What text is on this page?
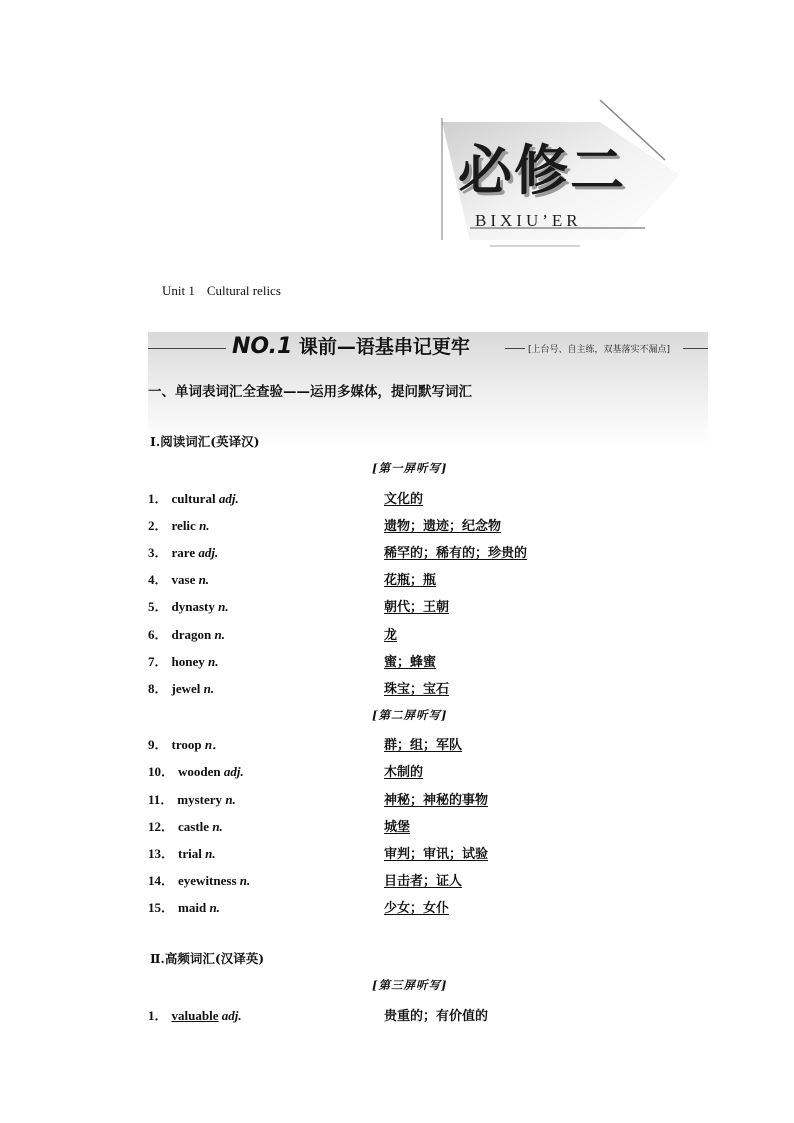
必修二
BIXIU’ER
Unit 1 Cultural relics
NO.1 课前—语基串记更牢	[上台号、自主练，双基落实不漏点]
一、单词表词汇全查验——运用多媒体，提问默写词汇
Ⅰ.阅读词汇(英译汉)
[第一屏听写]
1． cultural adj.	文化的
2． relic n.	遗物；遗迹；纪念物
3． rare adj.	稀罕的；稀有的；珍贵的
4． vase n.	花瓶；瓶
5． dynasty n.	朝代；王朝
6． dragon n.	龙
7． honey n.	蜜；蜂蜜
8． jewel n.	珠宝；宝石
[第二屏听写]
9． troop n．	群；组；军队
10． wooden adj.	木制的
11． mystery n.	神秘；神秘的事物
12． castle n.	城堡
13． trial n.	审判；审讯；试验
14． eyewitness n.	目击者；证人
15． maid n.	少女；女仆
Ⅱ.高频词汇(汉译英)
[第三屏听写]
1． valuable adj.	贵重的；有价值的
